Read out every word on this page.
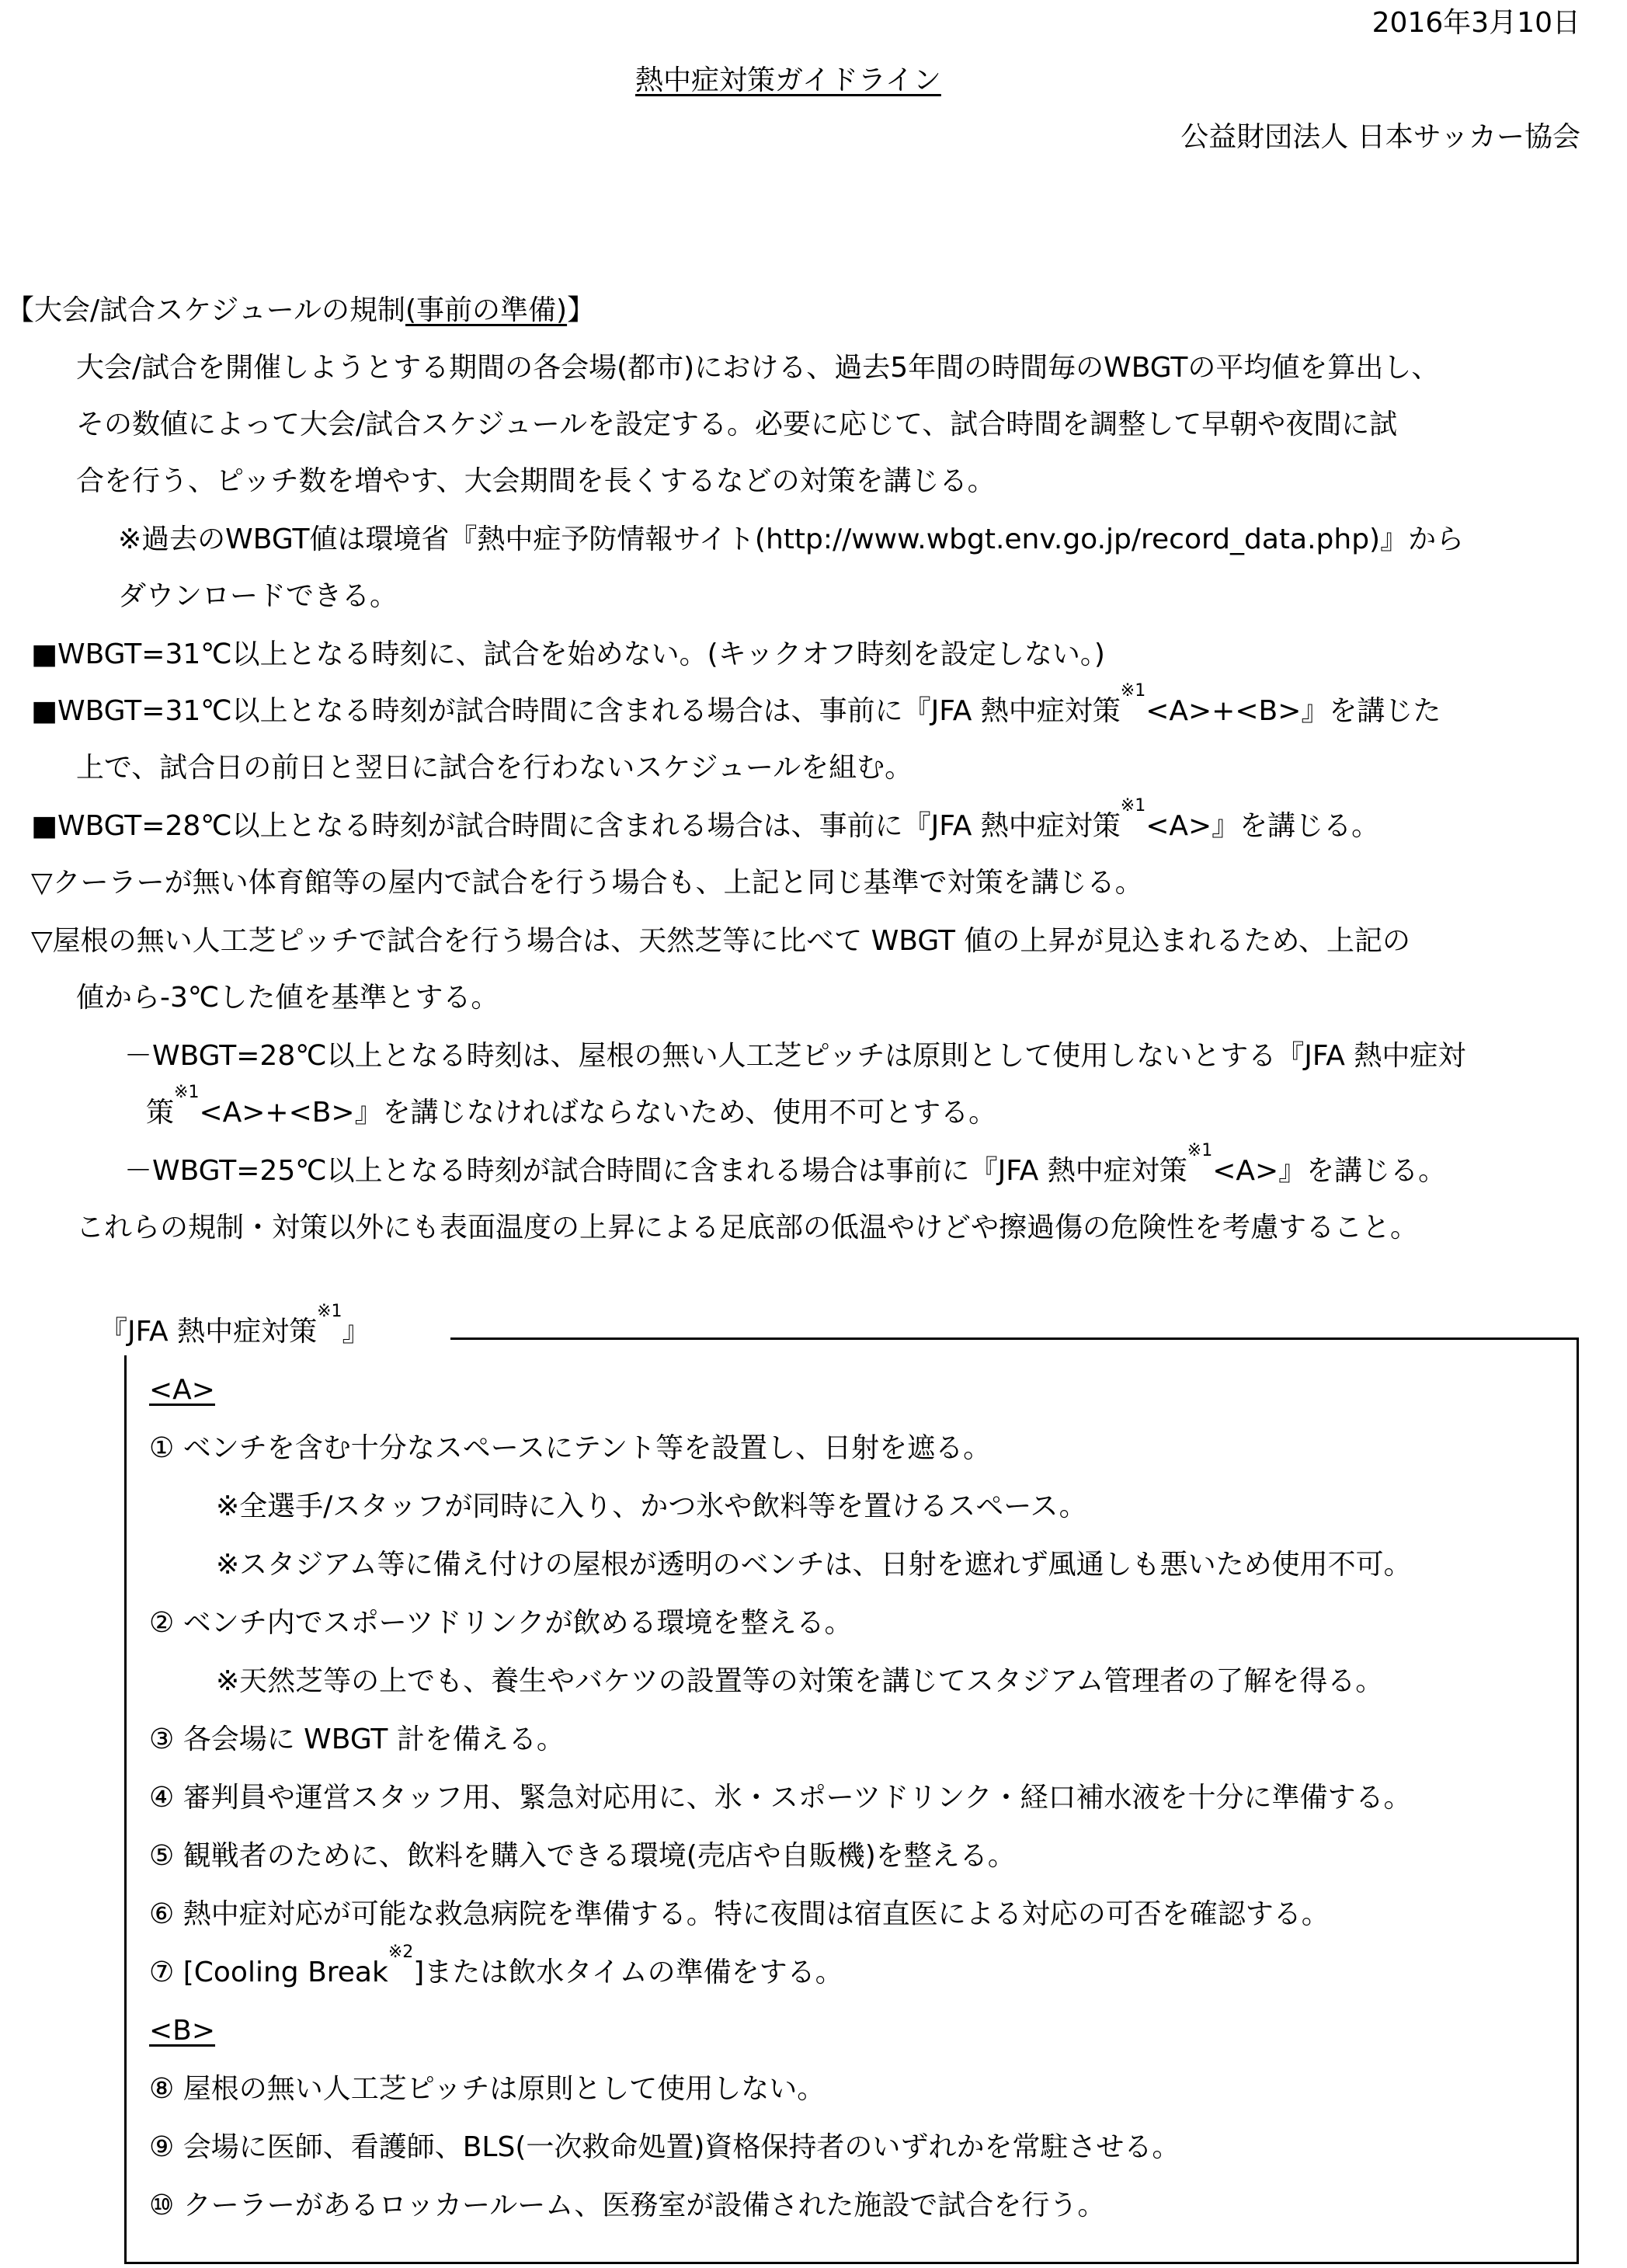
2016年3月10日
熱中症対策ガイドライン
公益財団法人 日本サッカー協会
【大会/試合スケジュールの規制(事前の準備)】
大会/試合を開催しようとする期間の各会場(都市)における、過去5年間の時間毎のWBGTの平均値を算出し、
その数値によって大会/試合スケジュールを設定する。必要に応じて、試合時間を調整して早朝や夜間に試
合を行う、ピッチ数を増やす、大会期間を長くするなどの対策を講じる。
※過去のWBGT値は環境省『熱中症予防情報サイト(http://www.wbgt.env.go.jp/record_data.php)』から
ダウンロードできる。
■WBGT=31℃以上となる時刻に、試合を始めない。(キックオフ時刻を設定しない。)
■WBGT=31℃以上となる時刻が試合時間に含まれる場合は、事前に『JFA 熱中症対策$^{※1}$<A>+<B>』を講じた
上で、試合日の前日と翌日に試合を行わないスケジュールを組む。
■WBGT=28℃以上となる時刻が試合時間に含まれる場合は、事前に『JFA 熱中症対策$^{※1}$<A>』を講じる。
▽クーラーが無い体育館等の屋内で試合を行う場合も、上記と同じ基準で対策を講じる。
▽屋根の無い人工芝ピッチで試合を行う場合は、天然芝等に比べて WBGT 値の上昇が見込まれるため、上記の
値から-3℃した値を基準とする。
－WBGT=28℃以上となる時刻は、屋根の無い人工芝ピッチは原則として使用しないとする『JFA 熱中症対
策$^{※1}$<A>+<B>』を講じなければならないため、使用不可とする。
－WBGT=25℃以上となる時刻が試合時間に含まれる場合は事前に『JFA 熱中症対策$^{※1}$<A>』を講じる。
これらの規制・対策以外にも表面温度の上昇による足底部の低温やけどや擦過傷の危険性を考慮すること。
『JFA 熱中症対策$^{※1}$』
<A>
① ベンチを含む十分なスペースにテント等を設置し、日射を遮る。
※全選手/スタッフが同時に入り、かつ氷や飲料等を置けるスペース。
※スタジアム等に備え付けの屋根が透明のベンチは、日射を遮れず風通しも悪いため使用不可。
② ベンチ内でスポーツドリンクが飲める環境を整える。
※天然芝等の上でも、養生やバケツの設置等の対策を講じてスタジアム管理者の了解を得る。
③ 各会場に WBGT 計を備える。
④ 審判員や運営スタッフ用、緊急対応用に、氷・スポーツドリンク・経口補水液を十分に準備する。
⑤ 観戦者のために、飲料を購入できる環境(売店や自販機)を整える。
⑥ 熱中症対応が可能な救急病院を準備する。特に夜間は宿直医による対応の可否を確認する。
⑦ [Cooling Break$^{※2}$]または飲水タイムの準備をする。
<B>
⑧ 屋根の無い人工芝ピッチは原則として使用しない。
⑨ 会場に医師、看護師、BLS(一次救命処置)資格保持者のいずれかを常駐させる。
⑩ クーラーがあるロッカールーム、医務室が設備された施設で試合を行う。
